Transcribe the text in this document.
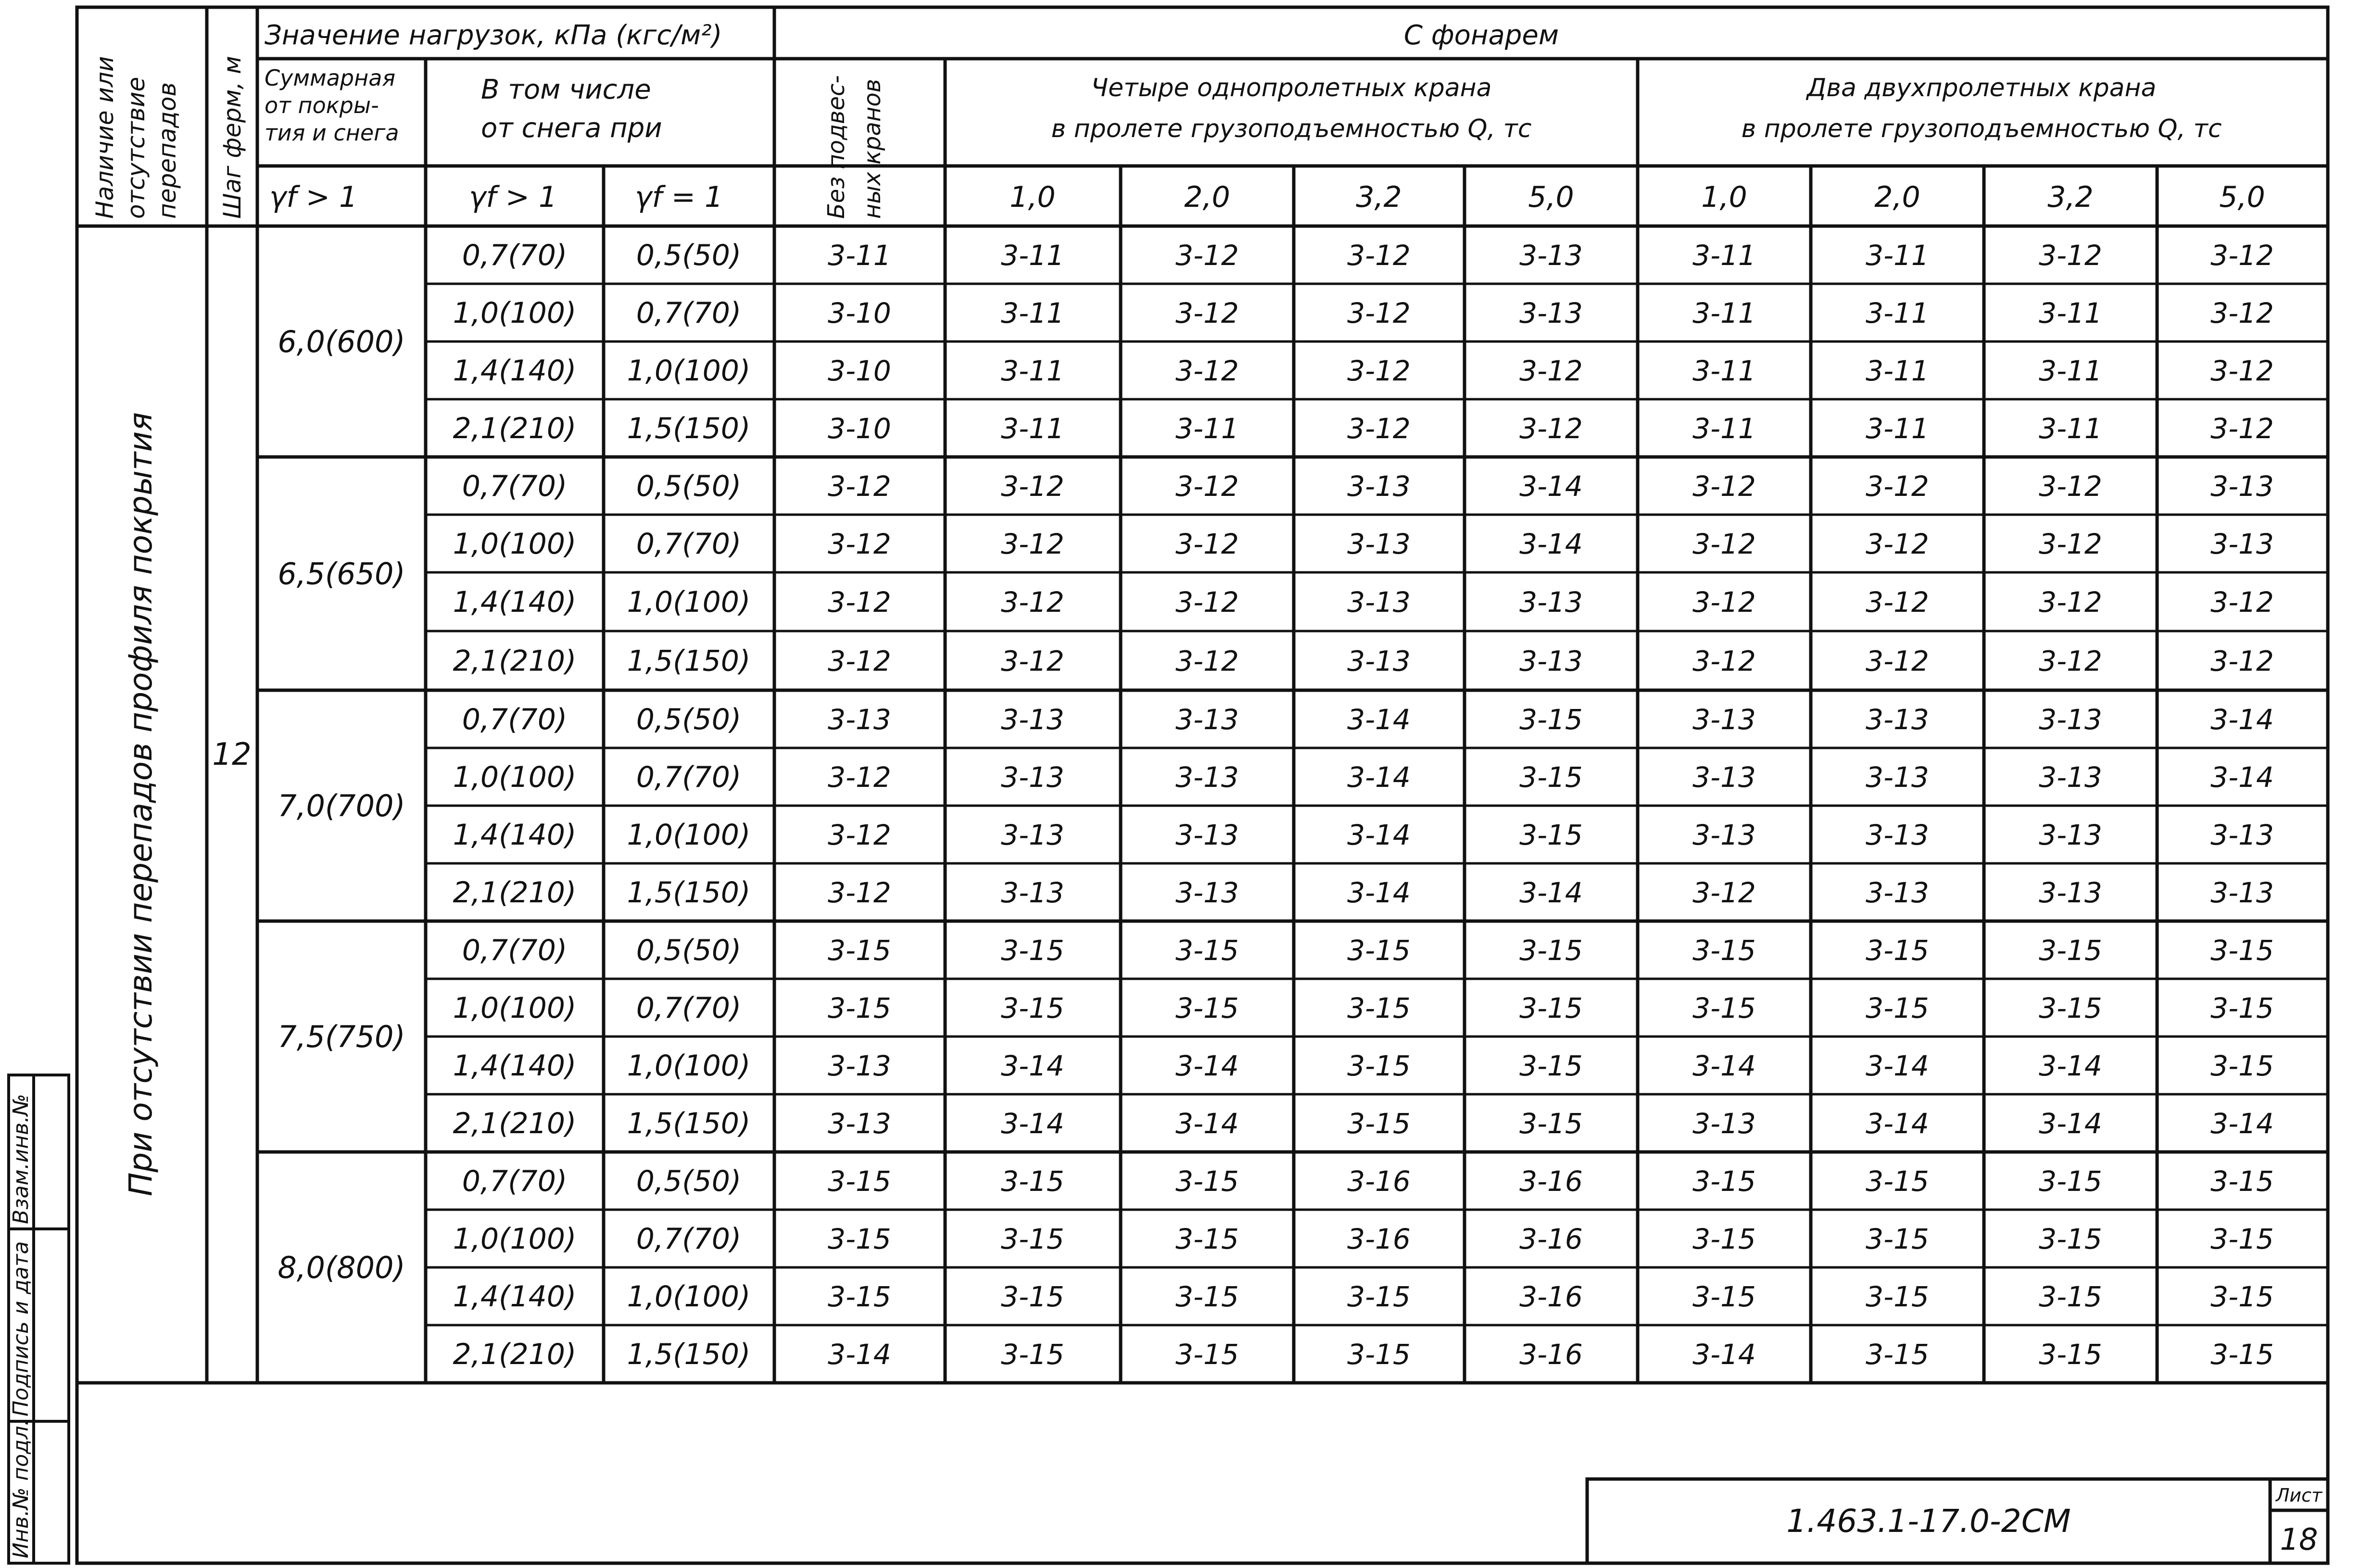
Взам.инв.№
Подпись и дата
Инв.№ подл.	1.463.1-17.0-2СМ
Лист
18
Наличие или отсутствие перепадов Шаг ферм, м
Значение нагрузок, кПа (кгс/м²)
Суммарная
от покры-
тия и снега
В том числе
от снега при
γf > 1	γf > 1	γf = 1
С фонарем
Без подвес- ных кранов	Четыре однопролетных крана
в пролете грузоподъемностью Q, тс
Два двухпролетных крана
в пролете грузоподъемностью Q, тс
1,0	2,0	3,2	5,0	1,0	2,0	3,2	5,0
При отсутствии перепадов профиля покрытия 12
6,0(600)
0,7(70) 0,5(50)	3-11	3-11	3-12	3-12	3-13	3-11	3-11	3-12	3-12
1,0(100) 0,7(70)	3-10	3-11	3-12	3-12	3-13	3-11	3-11	3-11	3-12
1,4(140) 1,0(100)	3-10	3-11	3-12	3-12	3-12	3-11	3-11	3-11	3-12
2,1(210) 1,5(150)	3-10	3-11	3-11	3-12	3-12	3-11	3-11	3-11	3-12
6,5(650)
0,7(70) 0,5(50)	3-12	3-12	3-12	3-13	3-14	3-12	3-12	3-12	3-13
1,0(100) 0,7(70)	3-12	3-12	3-12	3-13	3-14	3-12	3-12	3-12	3-13
1,4(140) 1,0(100)	3-12	3-12	3-12	3-13	3-13	3-12	3-12	3-12	3-12
2,1(210) 1,5(150)	3-12	3-12	3-12	3-13	3-13	3-12	3-12	3-12	3-12
7,0(700)
0,7(70) 0,5(50)	3-13	3-13	3-13	3-14	3-15	3-13	3-13	3-13	3-14
1,0(100) 0,7(70)	3-12	3-13	3-13	3-14	3-15	3-13	3-13	3-13	3-14
1,4(140) 1,0(100)	3-12	3-13	3-13	3-14	3-15	3-13	3-13	3-13	3-13
2,1(210) 1,5(150)	3-12	3-13	3-13	3-14	3-14	3-12	3-13	3-13	3-13
7,5(750)
0,7(70) 0,5(50)	3-15	3-15	3-15	3-15	3-15	3-15	3-15	3-15	3-15
1,0(100) 0,7(70)	3-15	3-15	3-15	3-15	3-15	3-15	3-15	3-15	3-15
1,4(140) 1,0(100)	3-13	3-14	3-14	3-15	3-15	3-14	3-14	3-14	3-15
2,1(210) 1,5(150)	3-13	3-14	3-14	3-15	3-15	3-13	3-14	3-14	3-14
8,0(800)
0,7(70) 0,5(50)	3-15	3-15	3-15	3-16	3-16	3-15	3-15	3-15	3-15
1,0(100) 0,7(70)	3-15	3-15	3-15	3-16	3-16	3-15	3-15	3-15	3-15
1,4(140) 1,0(100)	3-15	3-15	3-15	3-15	3-16	3-15	3-15	3-15	3-15
2,1(210) 1,5(150)	3-14	3-15	3-15	3-15	3-16	3-14	3-15	3-15	3-15
